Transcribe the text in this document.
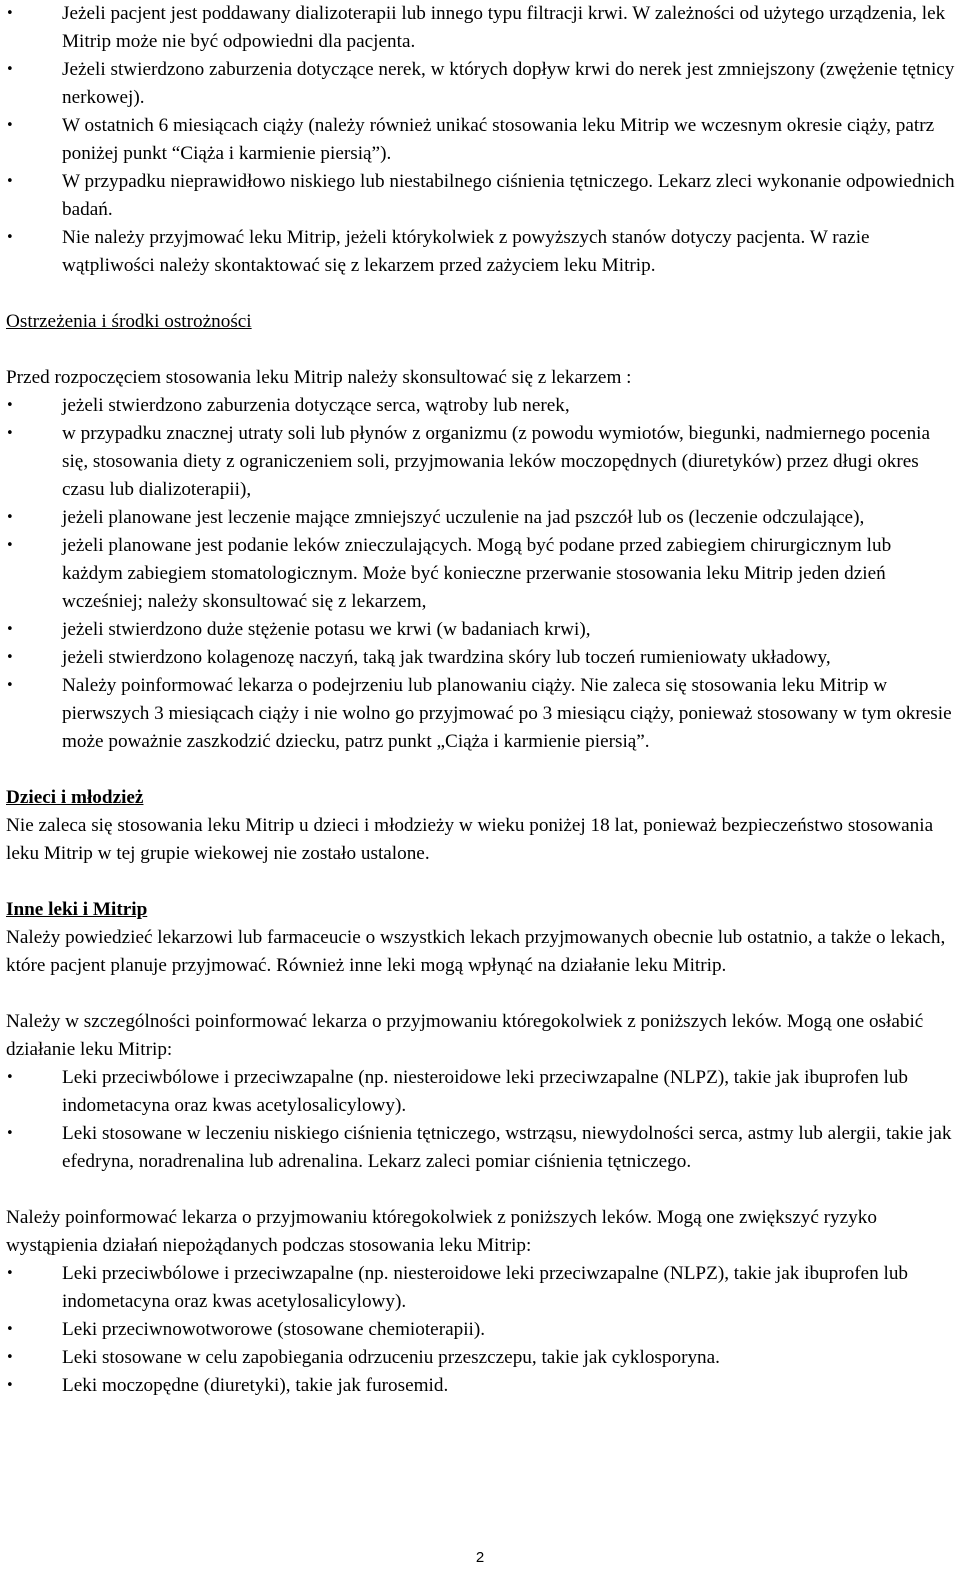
•	Jeżeli pacjent jest poddawany dializoterapii lub innego typu filtracji krwi. W zależności od użytego urządzenia, lek Mitrip może nie być odpowiedni dla pacjenta.
•	Jeżeli stwierdzono zaburzenia dotyczące nerek, w których dopływ krwi do nerek jest zmniejszony (zwężenie tętnicy nerkowej).
•	W ostatnich 6 miesiącach ciąży (należy również unikać stosowania leku Mitrip we wczesnym okresie ciąży, patrz poniżej punkt “Ciąża i karmienie piersią”).
•	W przypadku nieprawidłowo niskiego lub niestabilnego ciśnienia tętniczego. Lekarz zleci wykonanie odpowiednich badań.
•	Nie należy przyjmować leku Mitrip, jeżeli którykolwiek z powyższych stanów dotyczy pacjenta. W razie wątpliwości należy skontaktować się z lekarzem przed zażyciem leku Mitrip.

Ostrzeżenia i środki ostrożności

Przed rozpoczęciem stosowania leku Mitrip należy skonsultować się z lekarzem :

•	jeżeli stwierdzono zaburzenia dotyczące serca, wątroby lub nerek,
•	w przypadku znacznej utraty soli lub płynów z organizmu (z powodu wymiotów, biegunki, nadmiernego pocenia się, stosowania diety z ograniczeniem soli, przyjmowania leków moczopędnych (diuretyków) przez długi okres czasu lub dializoterapii),
•	jeżeli planowane jest leczenie mające zmniejszyć uczulenie na jad pszczół lub os (leczenie odczulające),
•	jeżeli planowane jest podanie leków znieczulających. Mogą być podane przed zabiegiem chirurgicznym lub każdym zabiegiem stomatologicznym. Może być konieczne przerwanie stosowania leku Mitrip jeden dzień wcześniej; należy skonsultować się z lekarzem,
•	jeżeli stwierdzono duże stężenie potasu we krwi (w badaniach krwi),
•	jeżeli stwierdzono kolagenozę naczyń, taką jak twardzina skóry lub toczeń rumieniowaty układowy,
•	Należy poinformować lekarza o podejrzeniu lub planowaniu ciąży. Nie zaleca się stosowania leku Mitrip w pierwszych 3 miesiącach ciąży i nie wolno go przyjmować po 3 miesiącu ciąży, ponieważ stosowany w tym okresie może poważnie zaszkodzić dziecku, patrz punkt „Ciąża i karmienie piersią”.

Dzieci i młodzież

Nie zaleca się stosowania leku Mitrip u dzieci i młodzieży w wieku poniżej 18 lat, ponieważ bezpieczeństwo stosowania leku Mitrip w tej grupie wiekowej nie zostało ustalone.

Inne leki i Mitrip

Należy powiedzieć lekarzowi lub farmaceucie o wszystkich lekach przyjmowanych obecnie lub ostatnio, a także o lekach, które pacjent planuje przyjmować. Również inne leki mogą wpłynąć na działanie leku Mitrip.

Należy w szczególności poinformować lekarza o przyjmowaniu któregokolwiek z poniższych leków. Mogą one osłabić działanie leku Mitrip:

•	Leki przeciwbólowe i przeciwzapalne (np. niesteroidowe leki przeciwzapalne (NLPZ), takie jak ibuprofen lub indometacyna oraz kwas acetylosalicylowy).
•	Leki stosowane w leczeniu niskiego ciśnienia tętniczego, wstrząsu, niewydolności serca, astmy lub alergii, takie jak efedryna, noradrenalina lub adrenalina. Lekarz zaleci pomiar ciśnienia tętniczego.

Należy poinformować lekarza o przyjmowaniu któregokolwiek z poniższych leków. Mogą one zwiększyć ryzyko wystąpienia działań niepożądanych podczas stosowania leku Mitrip:

•	Leki przeciwbólowe i przeciwzapalne (np. niesteroidowe leki przeciwzapalne (NLPZ), takie jak ibuprofen lub indometacyna oraz kwas acetylosalicylowy).
•	Leki przeciwnowotworowe (stosowane chemioterapii).
•	Leki stosowane w celu zapobiegania odrzuceniu przeszczepu, takie jak cyklosporyna.
•	Leki moczopędne (diuretyki), takie jak furosemid.
2
